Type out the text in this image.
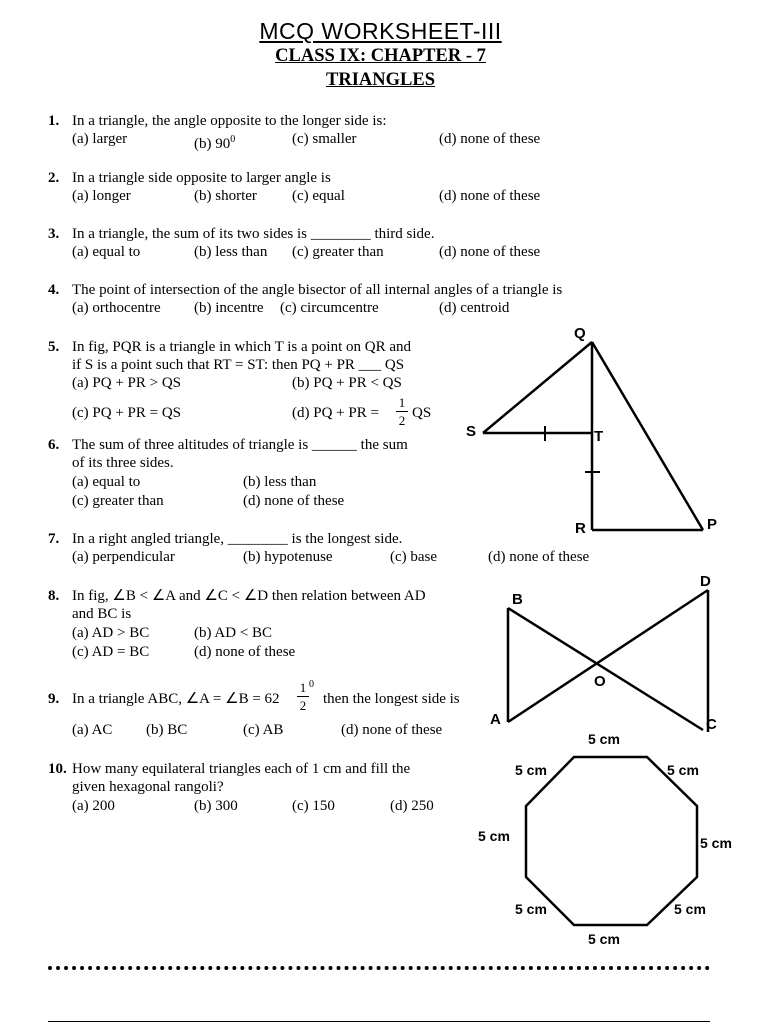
MCQ WORKSHEET-III
CLASS IX: CHAPTER - 7
TRIANGLES
1. In a triangle, the angle opposite to the longer side is:
(a) larger	(b) $90^0$	(c) smaller	(d) none of these
2. In a triangle side opposite to larger angle is
(a) longer	(b) shorter (c) equal	(d) none of these
3. In a triangle, the sum of its two sides is ________ third side.
(a) equal to	(b) less than (c) greater than	(d) none of these
4. The point of intersection of the angle bisector of all internal angles of a triangle is
(a) orthocentre (b) incentre (c) circumcentre	(d) centroid
5. In fig, PQR is a triangle in which T is a point on QR and
if S is a point such that RT = ST: then PQ + PR ___ QS
(a) PQ + PR > QS	(b) PQ + PR < QS
(c) PQ + PR = QS	(d) PQ + PR =
1
2 QS
6. The sum of three altitudes of triangle is ______ the sum
of its three sides.
(a) equal to	(b) less than
(c) greater than	(d) none of these
7. In a right angled triangle, ________ is the longest side.
(a) perpendicular	(b) hypotenuse	(c) base	(d) none of these
8. In fig, ∠B < ∠A and ∠C < ∠D then relation between AD
and BC is
(a) AD > BC	(b) AD < BC
(c) AD = BC	(d) none of these
9. In a triangle ABC, ∠A = ∠B = 62
1
2
0
then the longest side is
(a) AC (b) BC	(c) AB	(d) none of these
10. How many equilateral triangles each of 1 cm and fill the
given hexagonal rangoli?
(a) 200	(b) 300	(c) 150	(d) 250
Q
S	T
R	P
D
B
O
A	C
5 cm
5 cm	5 cm
5 cm	5 cm
5 cm	5 cm
5 cm
